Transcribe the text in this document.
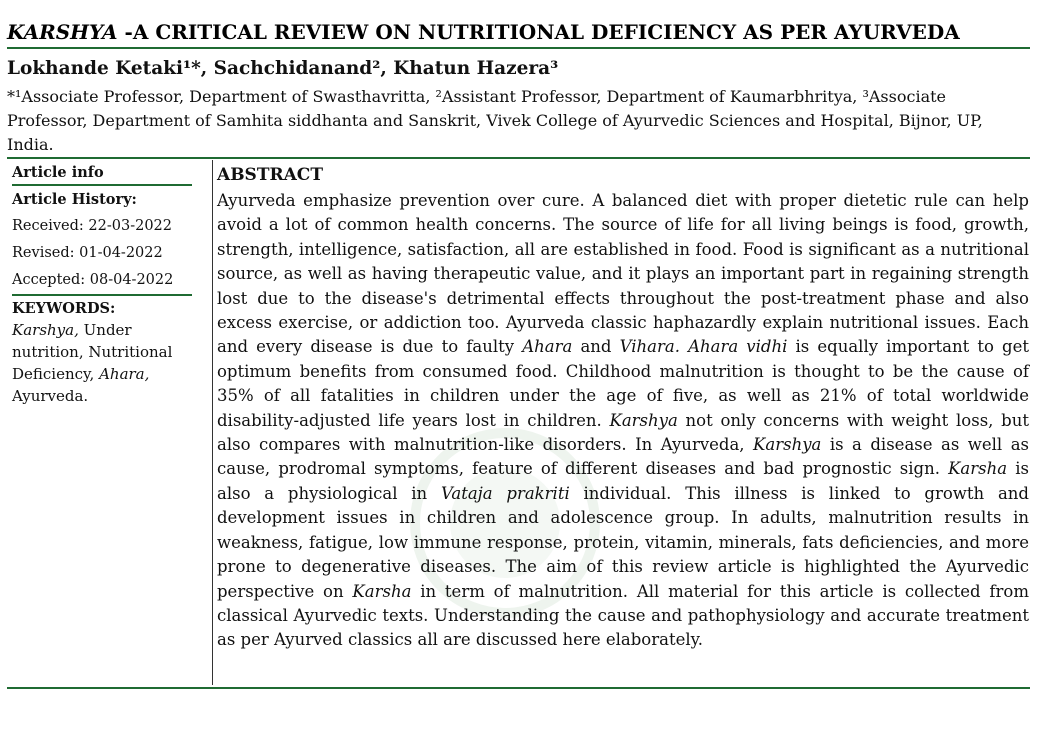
KARSHYA -A CRITICAL REVIEW ON NUTRITIONAL DEFICIENCY AS PER AYURVEDA
Lokhande Ketaki¹*, Sachchidanand², Khatun Hazera³
*¹Associate Professor, Department of Swasthavritta, ²Assistant Professor, Department of Kaumarbhritya, ³Associate Professor, Department of Samhita siddhanta and Sanskrit, Vivek College of Ayurvedic Sciences and Hospital, Bijnor, UP, India.
Article info
Article History:
Received: 22-03-2022
Revised: 01-04-2022
Accepted: 08-04-2022
KEYWORDS:
Karshya, Under nutrition, Nutritional Deficiency, Ahara, Ayurveda.
ABSTRACT
Ayurveda emphasize prevention over cure. A balanced diet with proper dietetic rule can help avoid a lot of common health concerns. The source of life for all living beings is food, growth, strength, intelligence, satisfaction, all are established in food. Food is significant as a nutritional source, as well as having therapeutic value, and it plays an important part in regaining strength lost due to the disease's detrimental effects throughout the post-treatment phase and also excess exercise, or addiction too. Ayurveda classic haphazardly explain nutritional issues. Each and every disease is due to faulty Ahara and Vihara. Ahara vidhi is equally important to get optimum benefits from consumed food. Childhood malnutrition is thought to be the cause of 35% of all fatalities in children under the age of five, as well as 21% of total worldwide disability-adjusted life years lost in children. Karshya not only concerns with weight loss, but also compares with malnutrition-like disorders. In Ayurveda, Karshya is a disease as well as cause, prodromal symptoms, feature of different diseases and bad prognostic sign. Karsha is also a physiological in Vataja prakriti individual. This illness is linked to growth and development issues in children and adolescence group. In adults, malnutrition results in weakness, fatigue, low immune response, protein, vitamin, minerals, fats deficiencies, and more prone to degenerative diseases. The aim of this review article is highlighted the Ayurvedic perspective on Karsha in term of malnutrition. All material for this article is collected from classical Ayurvedic texts. Understanding the cause and pathophysiology and accurate treatment as per Ayurved classics all are discussed here elaborately.
